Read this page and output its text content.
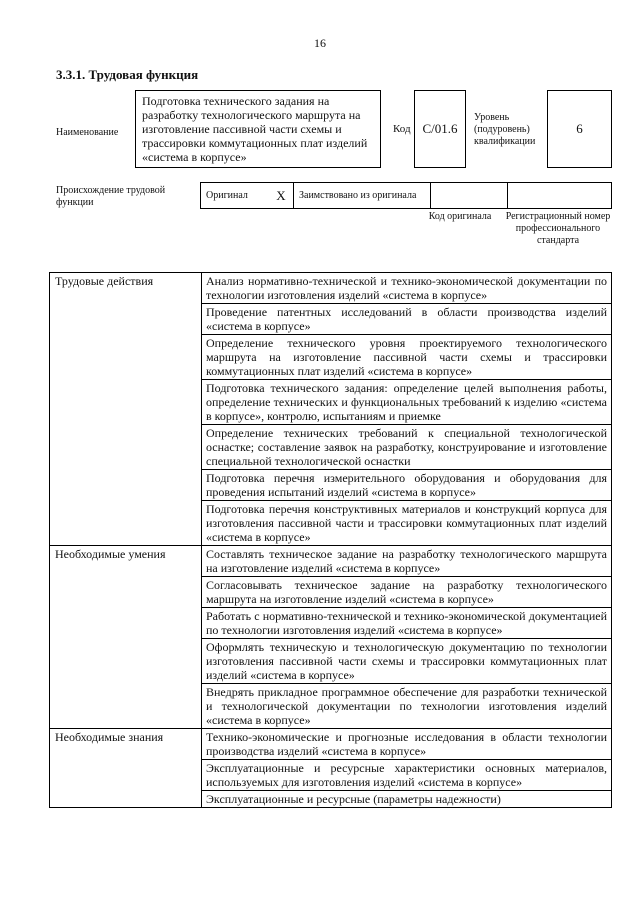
16
3.3.1. Трудовая функция
Наименование
Подготовка технического задания на разработку технологического маршрута на изготовление пассивной части схемы и трассировки коммутационных плат изделий «система в корпусе»
Код C/01.6
Уровень (подуровень) квалификации
6
Происхождение трудовой функции
Оригинал	X	Заимствовано из оригинала		
Код оригинала	Регистрационный номер профессионального стандарта
Трудовые действия	Анализ нормативно-технической и технико-экономической документации по технологии изготовления изделий «система в корпусе»
	Проведение патентных исследований в области производства изделий «система в корпусе»
	Определение технического уровня проектируемого технологического маршрута на изготовление пассивной части схемы и трассировки коммутационных плат изделий «система в корпусе»
	Подготовка технического задания: определение целей выполнения работы, определение технических и функциональных требований к изделию «система в корпусе», контролю, испытаниям и приемке
	Определение технических требований к специальной технологической оснастке; составление заявок на разработку, конструирование и изготовление специальной технологической оснастки
	Подготовка перечня измерительного оборудования и оборудования для проведения испытаний изделий «система в корпусе»
	Подготовка перечня конструктивных материалов и конструкций корпуса для изготовления пассивной части и трассировки коммутационных плат изделий «система в корпусе»
Необходимые умения	Составлять техническое задание на разработку технологического маршрута на изготовление изделий «система в корпусе»
	Согласовывать техническое задание на разработку технологического маршрута на изготовление изделий «система в корпусе»
	Работать с нормативно-технической и технико-экономической документацией по технологии изготовления изделий «система в корпусе»
	Оформлять техническую и технологическую документацию по технологии изготовления пассивной части схемы и трассировки коммутационных плат изделий «система в корпусе»
	Внедрять прикладное программное обеспечение для разработки технической и технологической документации по технологии изготовления изделий «система в корпусе»
Необходимые знания	Технико-экономические и прогнозные исследования в области технологии производства изделий «система в корпусе»
	Эксплуатационные и ресурсные характеристики основных материалов, используемых для изготовления изделий «система в корпусе»
	Эксплуатационные и ресурсные (параметры надежности)
